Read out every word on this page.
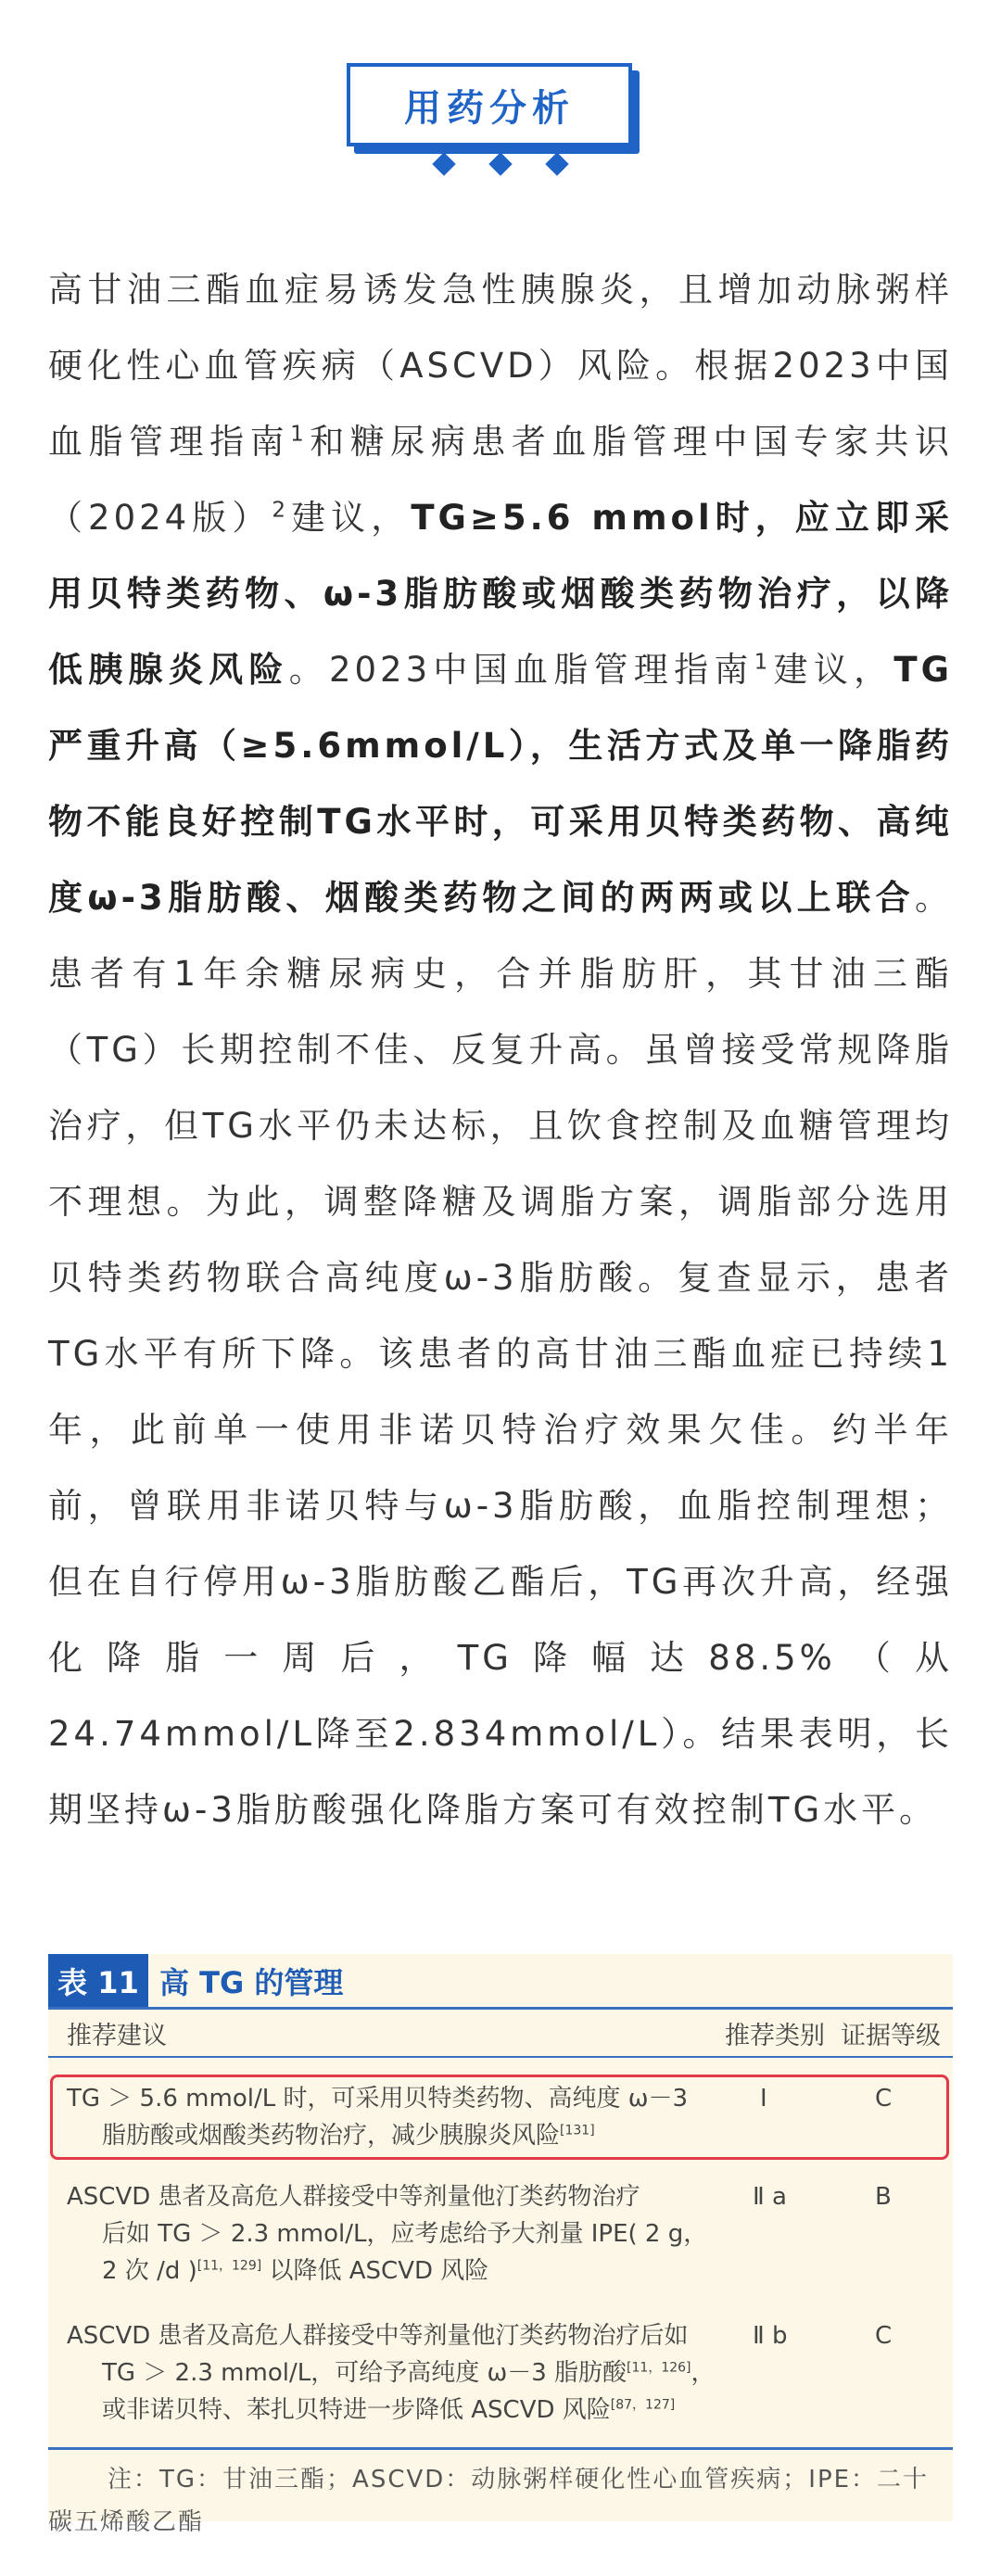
用药分析

高甘油三酯血症易诱发急性胰腺炎，且增加动脉粥样硬化性心血管疾病（ASCVD）风险。根据2023中国血脂管理指南$^1$和糖尿病患者血脂管理中国专家共识（2024版）$^2$建议，TG≥5.6 mmol时，应立即采用贝特类药物、ω-3脂肪酸或烟酸类药物治疗，以降低胰腺炎风险。2023中国血脂管理指南$^1$建议，TG 严重升高（≥5.6mmol/L），生活方式及单一降脂药物不能良好控制TG水平时，可采用贝特类药物、高纯度ω-3脂肪酸、烟酸类药物之间的两两或以上联合。患者有1年余糖尿病史，合并脂肪肝，其甘油三酯（TG）长期控制不佳、反复升高。虽曾接受常规降脂治疗，但TG水平仍未达标，且饮食控制及血糖管理均不理想。为此，调整降糖及调脂方案，调脂部分选用贝特类药物联合高纯度ω-3脂肪酸。复查显示，患者TG水平有所下降。该患者的高甘油三酯血症已持续1年，此前单一使用非诺贝特治疗效果欠佳。约半年前，曾联用非诺贝特与ω-3脂肪酸，血脂控制理想；但在自行停用ω-3脂肪酸乙酯后，TG再次升高，经强化降脂一周后，TG降幅达88.5%（从24.74mmol/L降至2.834mmol/L）。结果表明，长期坚持ω-3脂肪酸强化降脂方案可有效控制TG水平。
表 11 高 TG 的管理
推荐建议	推荐类别 证据等级
TG ＞ 5.6 mmol/L 时，可采用贝特类药物、高纯度 ω－3
脂肪酸或烟酸类药物治疗，减少胰腺炎风险[131]
Ⅰ	C
ASCVD 患者及高危人群接受中等剂量他汀类药物治疗
后如 TG ＞ 2.3 mmol/L，应考虑给予大剂量 IPE( 2 g，
2 次 /d )[11，129] 以降低 ASCVD 风险
Ⅱ a	B
ASCVD 患者及高危人群接受中等剂量他汀类药物治疗后如
TG ＞ 2.3 mmol/L，可给予高纯度 ω－3 脂肪酸[11，126]，
或非诺贝特、苯扎贝特进一步降低 ASCVD 风险[87，127]
Ⅱ b	C
注：TG：甘油三酯；ASCVD：动脉粥样硬化性心血管疾病；IPE：二十碳五烯酸乙酯
